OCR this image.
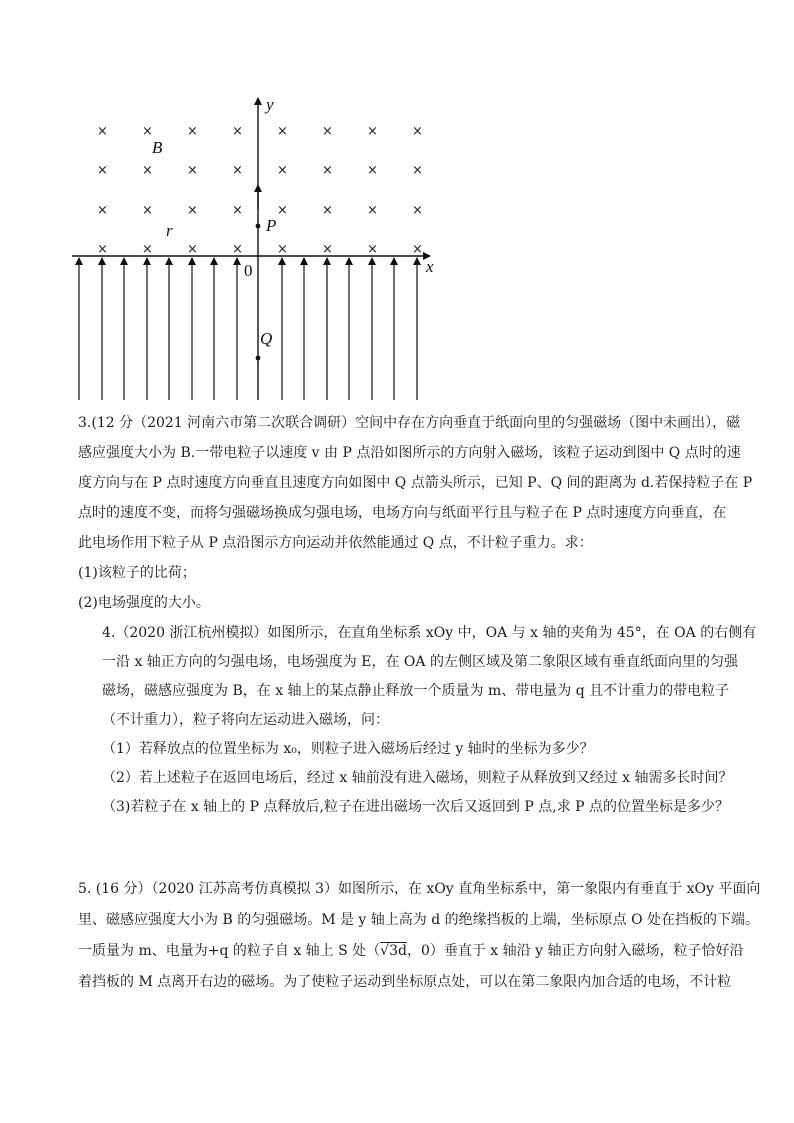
×	×	×	×	×	×	×	×
×	×	×	×	×	×	×	×
×	×	×	×	×	×	×	×
×	×	×	×	×	×	×	×
y
x
B
r	P
0
Q
3.(12 分（2021 河南六市第二次联合调研）空间中存在方向垂直于纸面向里的匀强磁场（图中未画出），磁
感应强度大小为 B.一带电粒子以速度 v 由 P 点沿如图所示的方向射入磁场，该粒子运动到图中 Q 点时的速
度方向与在 P 点时速度方向垂直且速度方向如图中 Q 点箭头所示，已知 P、Q 间的距离为 d.若保持粒子在 P
点时的速度不变，而将匀强磁场换成匀强电场，电场方向与纸面平行且与粒子在 P 点时速度方向垂直，在
此电场作用下粒子从 P 点沿图示方向运动并依然能通过 Q 点，不计粒子重力。求：
(1)该粒子的比荷；
(2)电场强度的大小。
4.（2020 浙江杭州模拟）如图所示，在直角坐标系 xOy 中，OA 与 x 轴的夹角为 45°，在 OA 的右侧有
一沿 x 轴正方向的匀强电场，电场强度为 E，在 OA 的左侧区域及第二象限区域有垂直纸面向里的匀强
磁场，磁感应强度为 B，在 x 轴上的某点静止释放一个质量为 m、带电量为 q 且不计重力的带电粒子
（不计重力），粒子将向左运动进入磁场，问：
（1）若释放点的位置坐标为 x₀，则粒子进入磁场后经过 y 轴时的坐标为多少？
（2）若上述粒子在返回电场后，经过 x 轴前没有进入磁场，则粒子从释放到又经过 x 轴需多长时间？
（3)若粒子在 x 轴上的 P 点释放后,粒子在进出磁场一次后又返回到 P 点,求 P 点的位置坐标是多少？
5. (16 分）（2020 江苏高考仿真模拟 3）如图所示，在 xOy 直角坐标系中，第一象限内有垂直于 xOy 平面向
里、磁感应强度大小为 B 的匀强磁场。M 是 y 轴上高为 d 的绝缘挡板的上端，坐标原点 O 处在挡板的下端。
一质量为 m、电量为+q 的粒子自 x 轴上 S 处（√3d，0）垂直于 x 轴沿 y 轴正方向射入磁场，粒子恰好沿
着挡板的 M 点离开右边的磁场。为了使粒子运动到坐标原点处，可以在第二象限内加合适的电场，不计粒
